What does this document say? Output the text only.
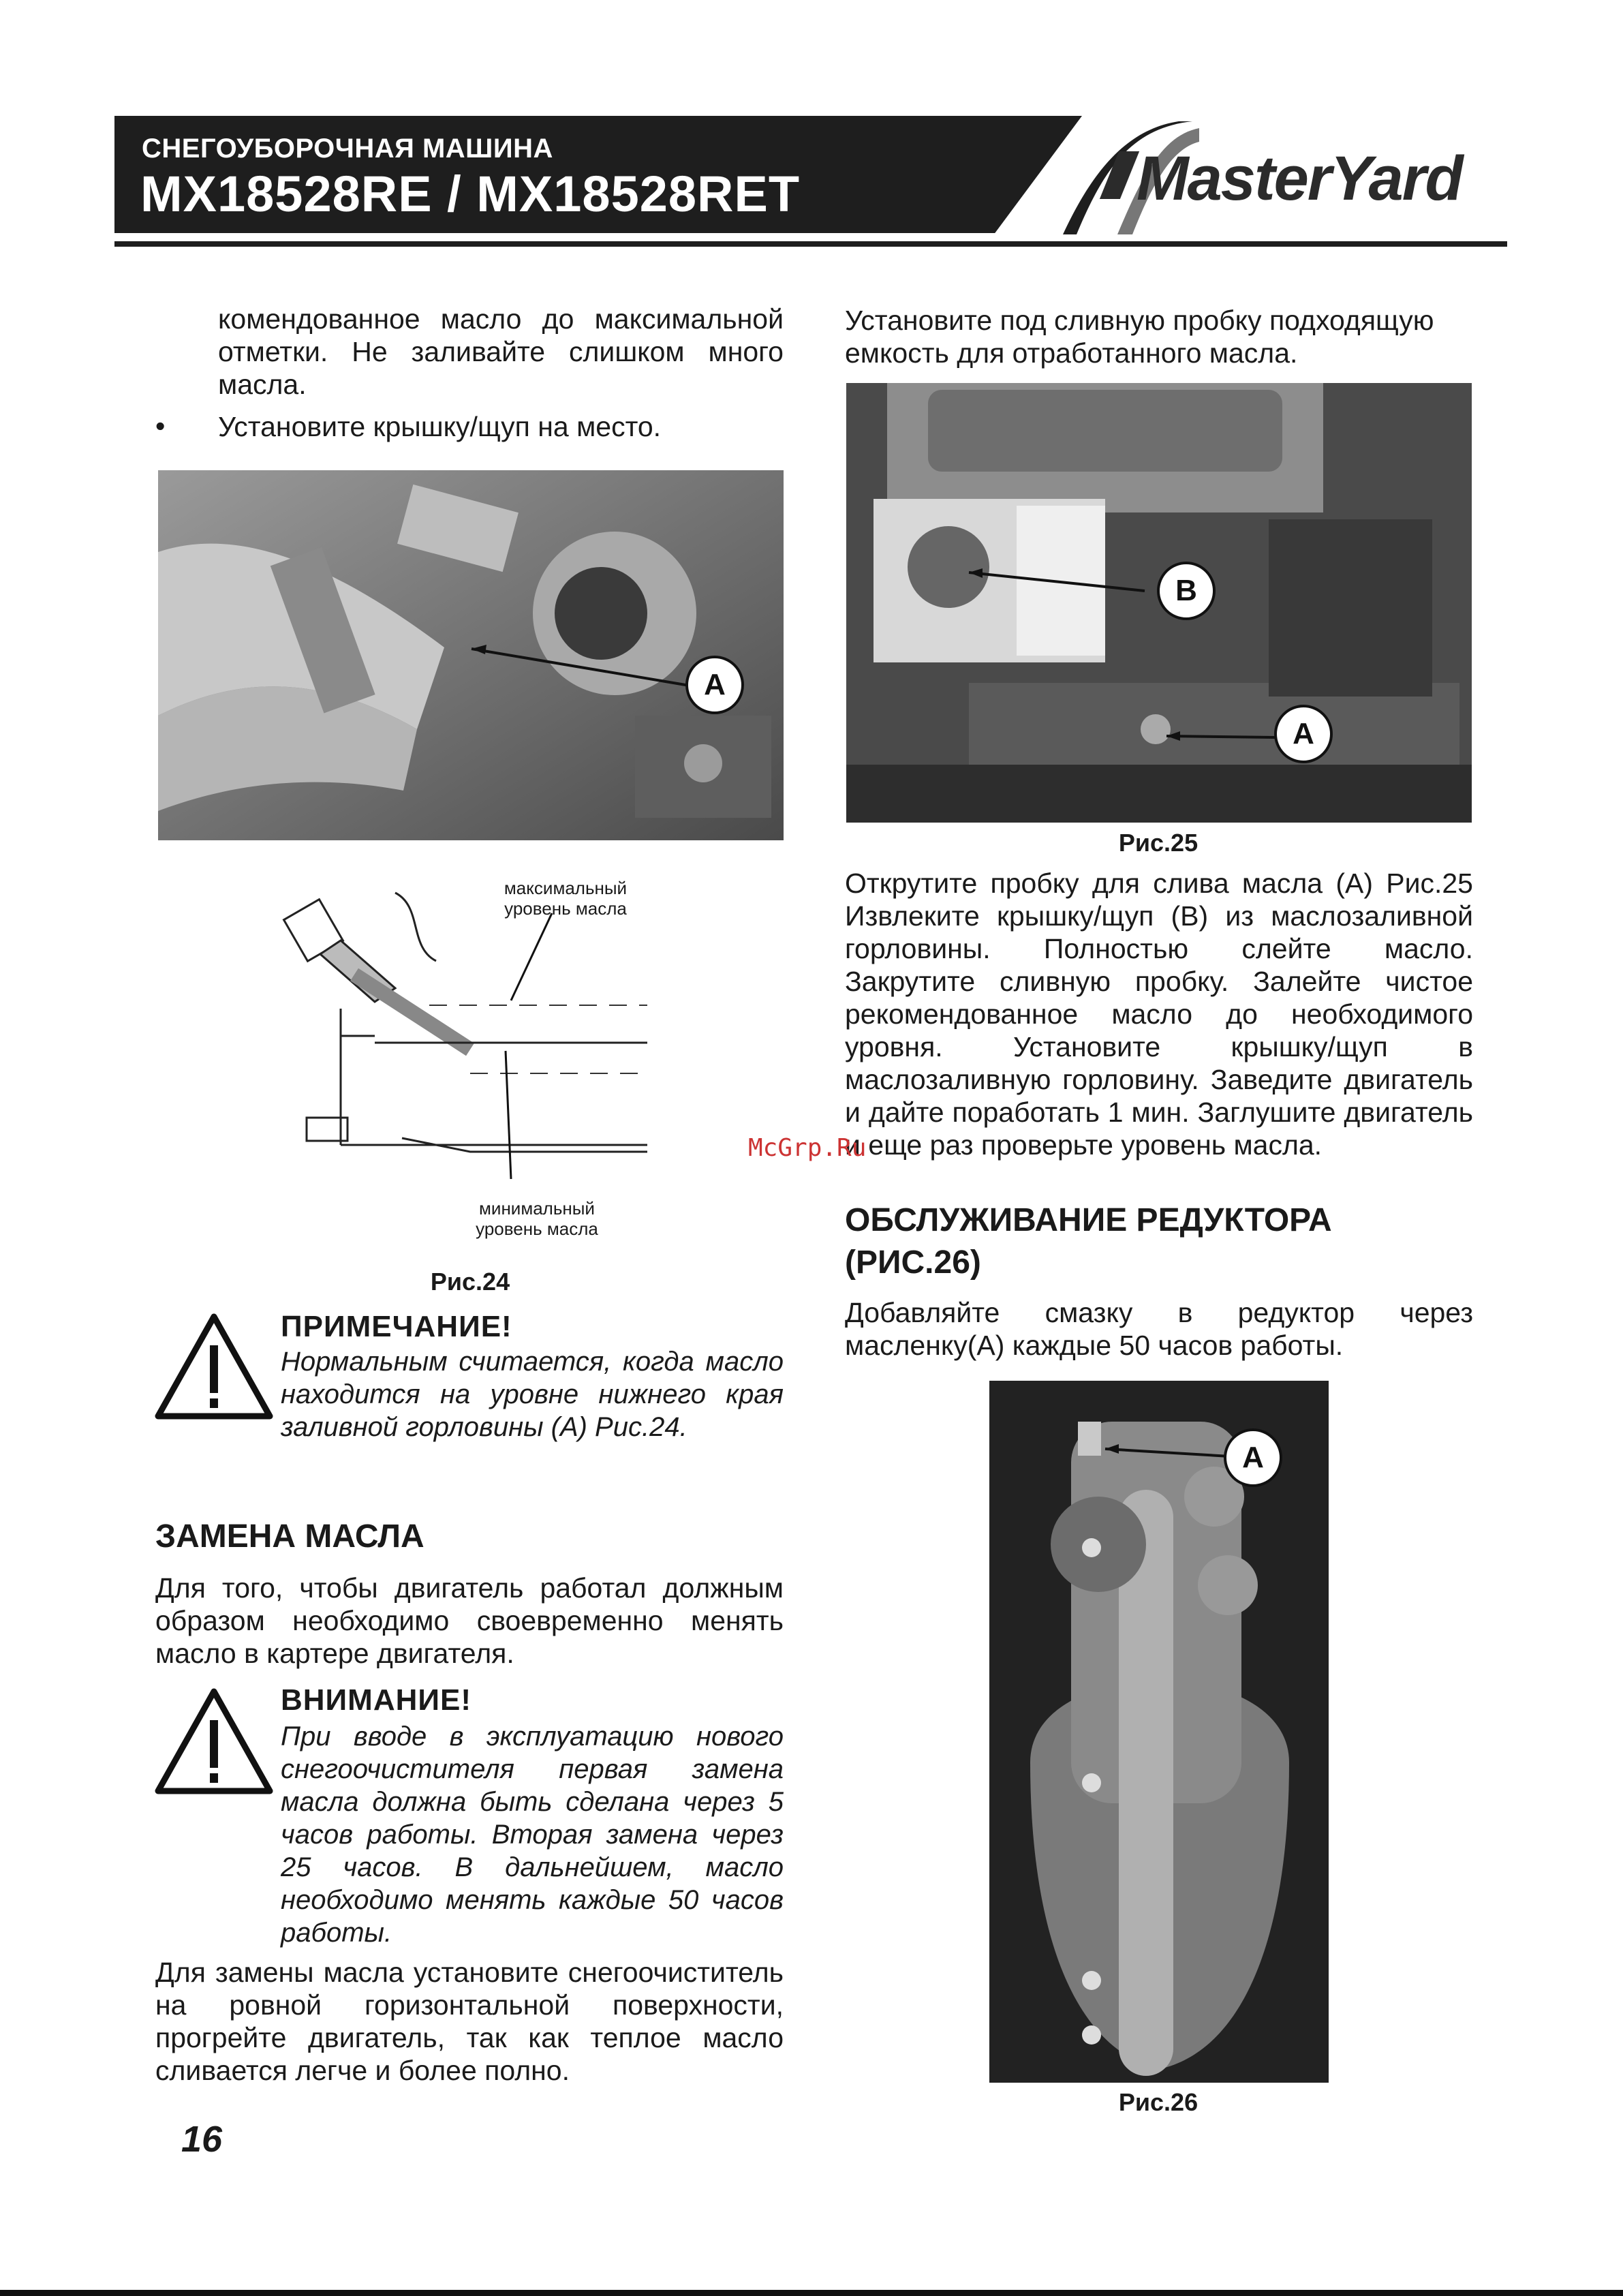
СНЕГОУБОРОЧНАЯ МАШИНА
MX18528RE / MX18528RET	MasterYard

комендованное масло до максимальной отметки. Не заливайте слишком много масла.

• Установите крышку/щуп на место.

A
максимальный
уровень масла
минимальный
уровень масла
Рис.24
ПРИМЕЧАНИЕ!
Нормальным считается, когда масло находится на уровне нижнего края заливной горловины (А) Рис.24.
ЗАМЕНА МАСЛА

Для того, чтобы двигатель работал должным образом необходимо своевременно менять масло в картере двигателя.

ВНИМАНИЕ!
При вводе в эксплуатацию нового снегоочистителя первая замена масла должна быть сделана через 5 часов работы. Вторая замена через 25 часов. В дальнейшем, масло необходимо менять каждые 50 часов работы.

Для замены масла установите снегоочиститель на ровной горизонтальной поверхности, прогрейте двигатель, так как теплое масло сливается легче и более полно.

Установите под сливную пробку подходящую емкость для отработанного масла.

B
A
Рис.25

Открутите пробку для слива масла (А) Рис.25 Извлеките крышку/щуп (В) из маслозаливной горловины. Полностью слейте масло. Закрутите сливную пробку. Залейте чистое рекомендованное масло до необходимого уровня. Установите крышку/щуп в маслозаливную горловину. Заведите двигатель и дайте поработать 1 мин. Заглушите двигатель и еще раз проверьте уровень масла.

ОБСЛУЖИВАНИЕ РЕДУКТОРА
(РИС.26)

Добавляйте смазку в редуктор через масленку(А) каждые 50 часов работы.

A
Рис.26
McGrp.Ru
16
